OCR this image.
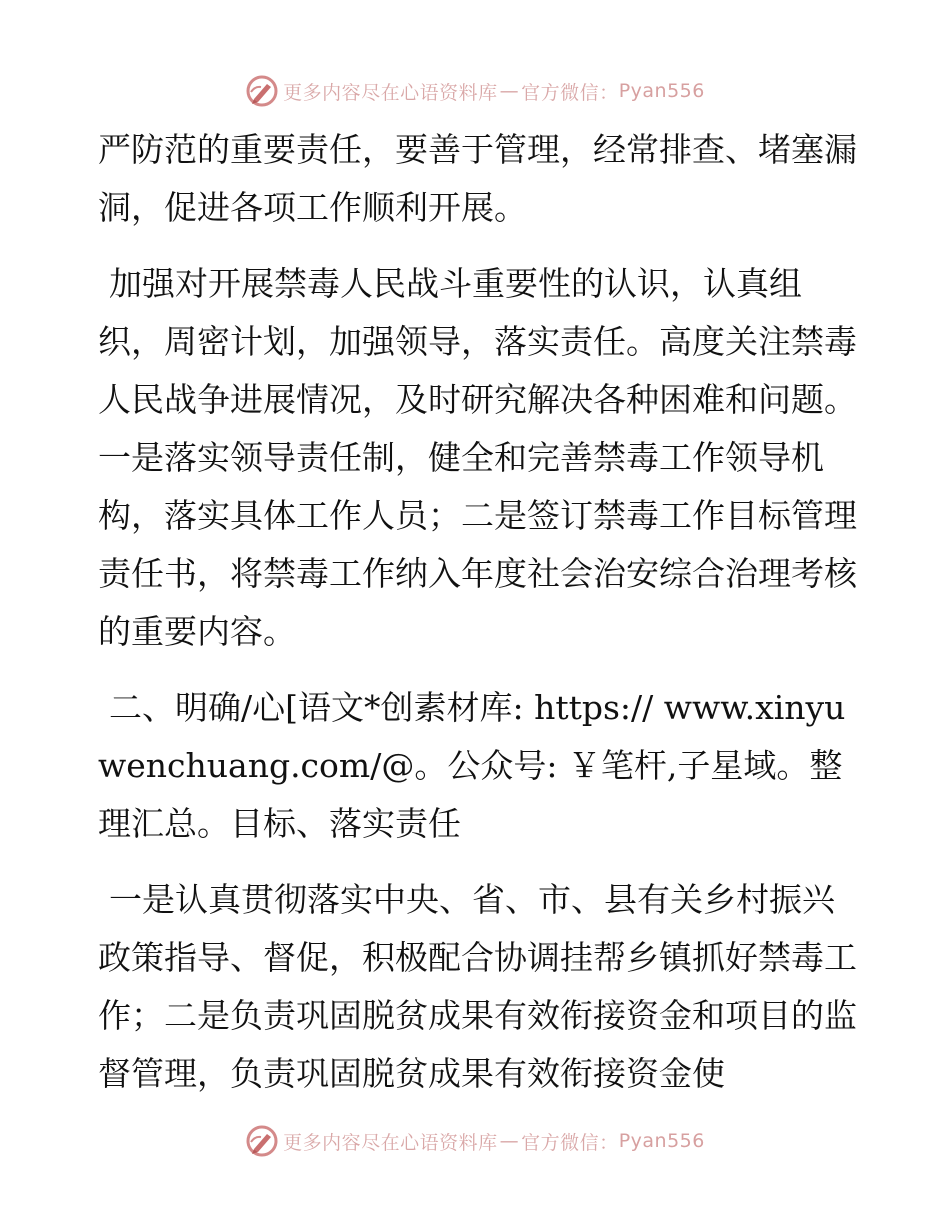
更多内容尽在心语资料库 — 官方微信： Pyan556

严防范的重要责任，要善于管理，经常排查、堵塞漏洞，促进各项工作顺利开展。

加强对开展禁毒人民战斗重要性的认识，认真组织，周密计划，加强领导，落实责任。高度关注禁毒人民战争进展情况，及时研究解决各种困难和问题。一是落实领导责任制，健全和完善禁毒工作领导机构，落实具体工作人员；二是签订禁毒工作目标管理责任书，将禁毒工作纳入年度社会治安综合治理考核的重要内容。

二、明确/心[语文*创素材库: https:// www.xinyuwenchuang.com/@。公众号: ￥笔杆,子星域。整理汇总。目标、落实责任

一是认真贯彻落实中央、省、市、县有关乡村振兴政策指导、督促，积极配合协调挂帮乡镇抓好禁毒工作；二是负责巩固脱贫成果有效衔接资金和项目的监督管理，负责巩固脱贫成果有效衔接资金使

更多内容尽在心语资料库 — 官方微信： Pyan556
